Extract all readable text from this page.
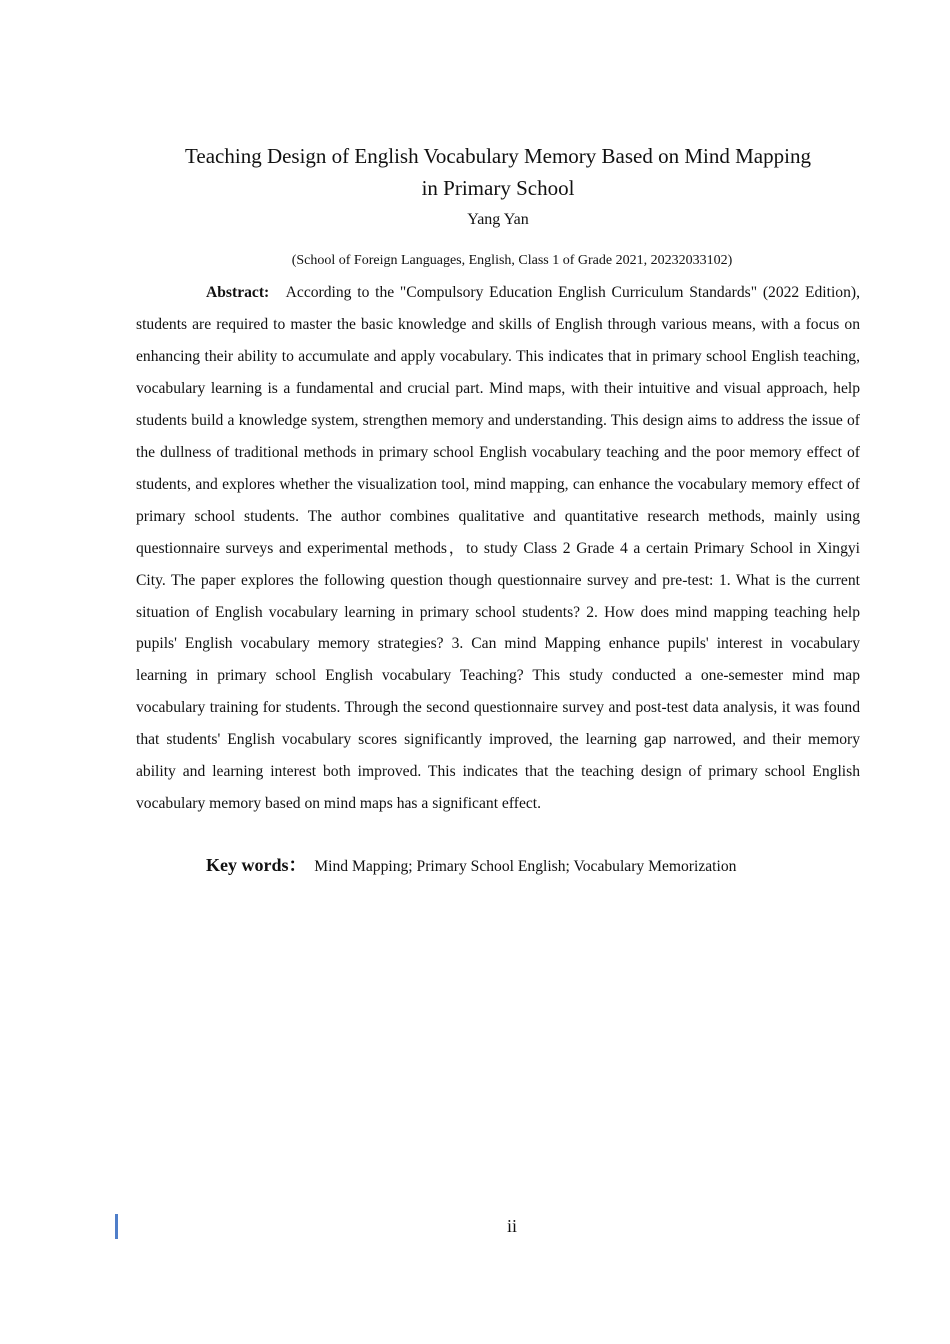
Teaching Design of English Vocabulary Memory Based on Mind Mapping
in Primary School
Yang Yan
(School of Foreign Languages, English, Class 1 of Grade 2021, 20232033102)

Abstract: According to the "Compulsory Education English Curriculum Standards" (2022 Edition), students are required to master the basic knowledge and skills of English through various means, with a focus on enhancing their ability to accumulate and apply vocabulary. This indicates that in primary school English teaching, vocabulary learning is a fundamental and crucial part. Mind maps, with their intuitive and visual approach, help students build a knowledge system, strengthen memory and understanding. This design aims to address the issue of the dullness of traditional methods in primary school English vocabulary teaching and the poor memory effect of students, and explores whether the visualization tool, mind mapping, can enhance the vocabulary memory effect of primary school students. The author combines qualitative and quantitative research methods, mainly using questionnaire surveys and experimental methods，to study Class 2 Grade 4 a certain Primary School in Xingyi City. The paper explores the following question though questionnaire survey and pre-test: 1. What is the current situation of English vocabulary learning in primary school students? 2. How does mind mapping teaching help pupils' English vocabulary memory strategies? 3. Can mind Mapping enhance pupils' interest in vocabulary learning in primary school English vocabulary Teaching? This study conducted a one-semester mind map vocabulary training for students. Through the second questionnaire survey and post-test data analysis, it was found that students' English vocabulary scores significantly improved, the learning gap narrowed, and their memory ability and learning interest both improved. This indicates that the teaching design of primary school English vocabulary memory based on mind maps has a significant effect.

Key words： Mind Mapping; Primary School English; Vocabulary Memorization
ii
